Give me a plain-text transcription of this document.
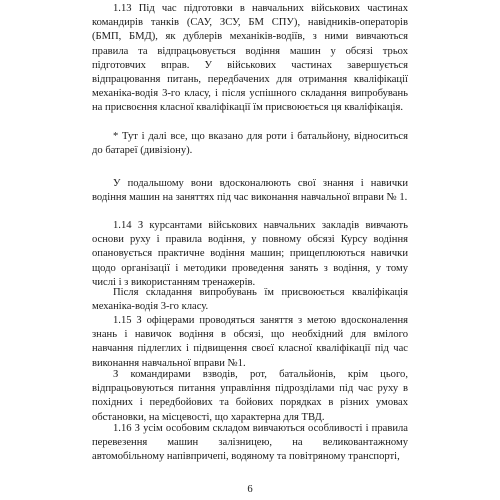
1.13 Під час підготовки в навчальних військових частинах командирів танків (САУ, ЗСУ, БМ СПУ), навідників-операторів (БМП, БМД), як дублерів механіків-водіїв, з ними вивчаються правила та відпрацьовується водіння машин у обсязі трьох підготовчих вправ. У військових частинах завершується відпрацювання питань, передбачених для отримання кваліфікації механіка-водія 3-го класу, і після успішного складання випробувань на присвоєння класної кваліфікації їм присвоюється ця кваліфікація.

* Тут і далі все, що вказано для роти і батальйону, відноситься до батареї (дивізіону).

У подальшому вони вдосконалюють свої знання і навички водіння машин на заняттях під час виконання навчальної вправи № 1.

1.14 З курсантами військових навчальних закладів вивчають основи руху і правила водіння, у повному обсязі Курсу водіння опановується практичне водіння машин; прищеплюються навички щодо організації і методики проведення занять з водіння, у тому числі і з використанням тренажерів.

Після складання випробувань їм присвоюється кваліфікація механіка-водія 3-го класу.

1.15 З офіцерами проводяться заняття з метою вдосконалення знань і навичок водіння в обсязі, що необхідний для вмілого навчання підлеглих і підвищення своєї класної кваліфікації під час виконання навчальної вправи №1.

З командирами взводів, рот, батальйонів, крім цього, відпрацьовуються питання управління підрозділами під час руху в похідних і передбойових та бойових порядках в різних умовах обстановки, на місцевості, що характерна для ТВД.

1.16 З усім особовим складом вивчаються особливості і правила перевезення машин залізницею, на великовантажному автомобільному напівпричепі, водяному та повітряному транспорті,

6
